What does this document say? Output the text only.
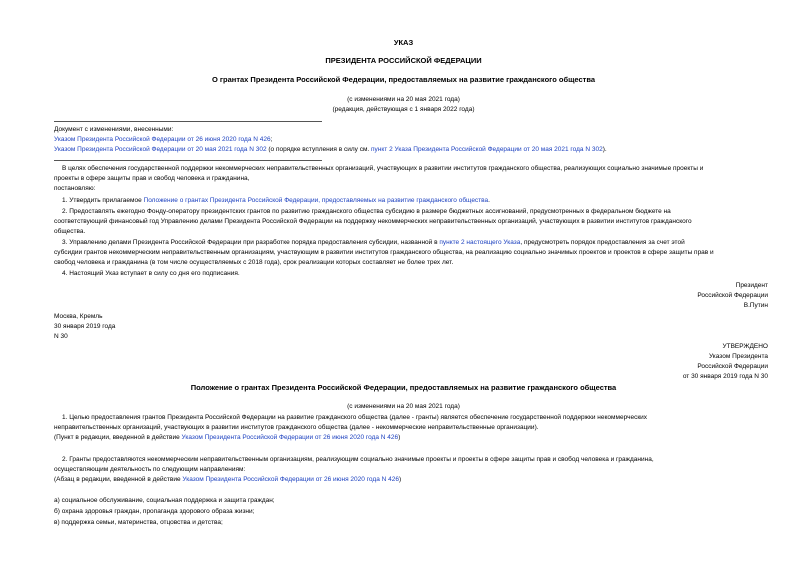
УКАЗ
ПРЕЗИДЕНТА РОССИЙСКОЙ ФЕДЕРАЦИИ
О грантах Президента Российской Федерации, предоставляемых на развитие гражданского общества
(с изменениями на 20 мая 2021 года)
(редакция, действующая с 1 января 2022 года)
Документ с изменениями, внесенными:
Указом Президента Российской Федерации от 26 июня 2020 года N 426;
Указом Президента Российской Федерации от 20 мая 2021 года N 302 (о порядке вступления в силу см. пункт 2 Указа Президента Российской Федерации от 20 мая 2021 года N 302).
В целях обеспечения государственной поддержки некоммерческих неправительственных организаций, участвующих в развитии институтов гражданского общества, реализующих социально значимые проекты и
проекты в сфере защиты прав и свобод человека и гражданина,
постановляю:
1. Утвердить прилагаемое Положение о грантах Президента Российской Федерации, предоставляемых на развитие гражданского общества.
2. Предоставлять ежегодно Фонду-оператору президентских грантов по развитию гражданского общества субсидию в размере бюджетных ассигнований, предусмотренных в федеральном бюджете на
соответствующий финансовый год Управлению делами Президента Российской Федерации на поддержку некоммерческих неправительственных организаций, участвующих в развитии институтов гражданского
общества.
3. Управлению делами Президента Российской Федерации при разработке порядка предоставления субсидии, названной в пункте 2 настоящего Указа, предусмотреть порядок предоставления за счет этой
субсидии грантов некоммерческим неправительственным организациям, участвующим в развитии институтов гражданского общества, на реализацию социально значимых проектов и проектов в сфере защиты прав и
свобод человека и гражданина (в том числе осуществляемых с 2018 года), срок реализации которых составляет не более трех лет.
4. Настоящий Указ вступает в силу со дня его подписания.
Президент
Российской Федерации
В.Путин
Москва, Кремль
30 января 2019 года
N 30
УТВЕРЖДЕНО
Указом Президента
Российской Федерации
от 30 января 2019 года N 30
Положение о грантах Президента Российской Федерации, предоставляемых на развитие гражданского общества
(с изменениями на 20 мая 2021 года)
1. Целью предоставления грантов Президента Российской Федерации на развитие гражданского общества (далее - гранты) является обеспечение государственной поддержки некоммерческих
неправительственных организаций, участвующих в развитии институтов гражданского общества (далее - некоммерческие неправительственные организации).
(Пункт в редакции, введенной в действие Указом Президента Российской Федерации от 26 июня 2020 года N 426)
2. Гранты предоставляются некоммерческим неправительственным организациям, реализующим социально значимые проекты и проекты в сфере защиты прав и свобод человека и гражданина,
осуществляющим деятельность по следующим направлениям:
(Абзац в редакции, введенной в действие Указом Президента Российской Федерации от 26 июня 2020 года N 426)
а) социальное обслуживание, социальная поддержка и защита граждан;
б) охрана здоровья граждан, пропаганда здорового образа жизни;
в) поддержка семьи, материнства, отцовства и детства;
